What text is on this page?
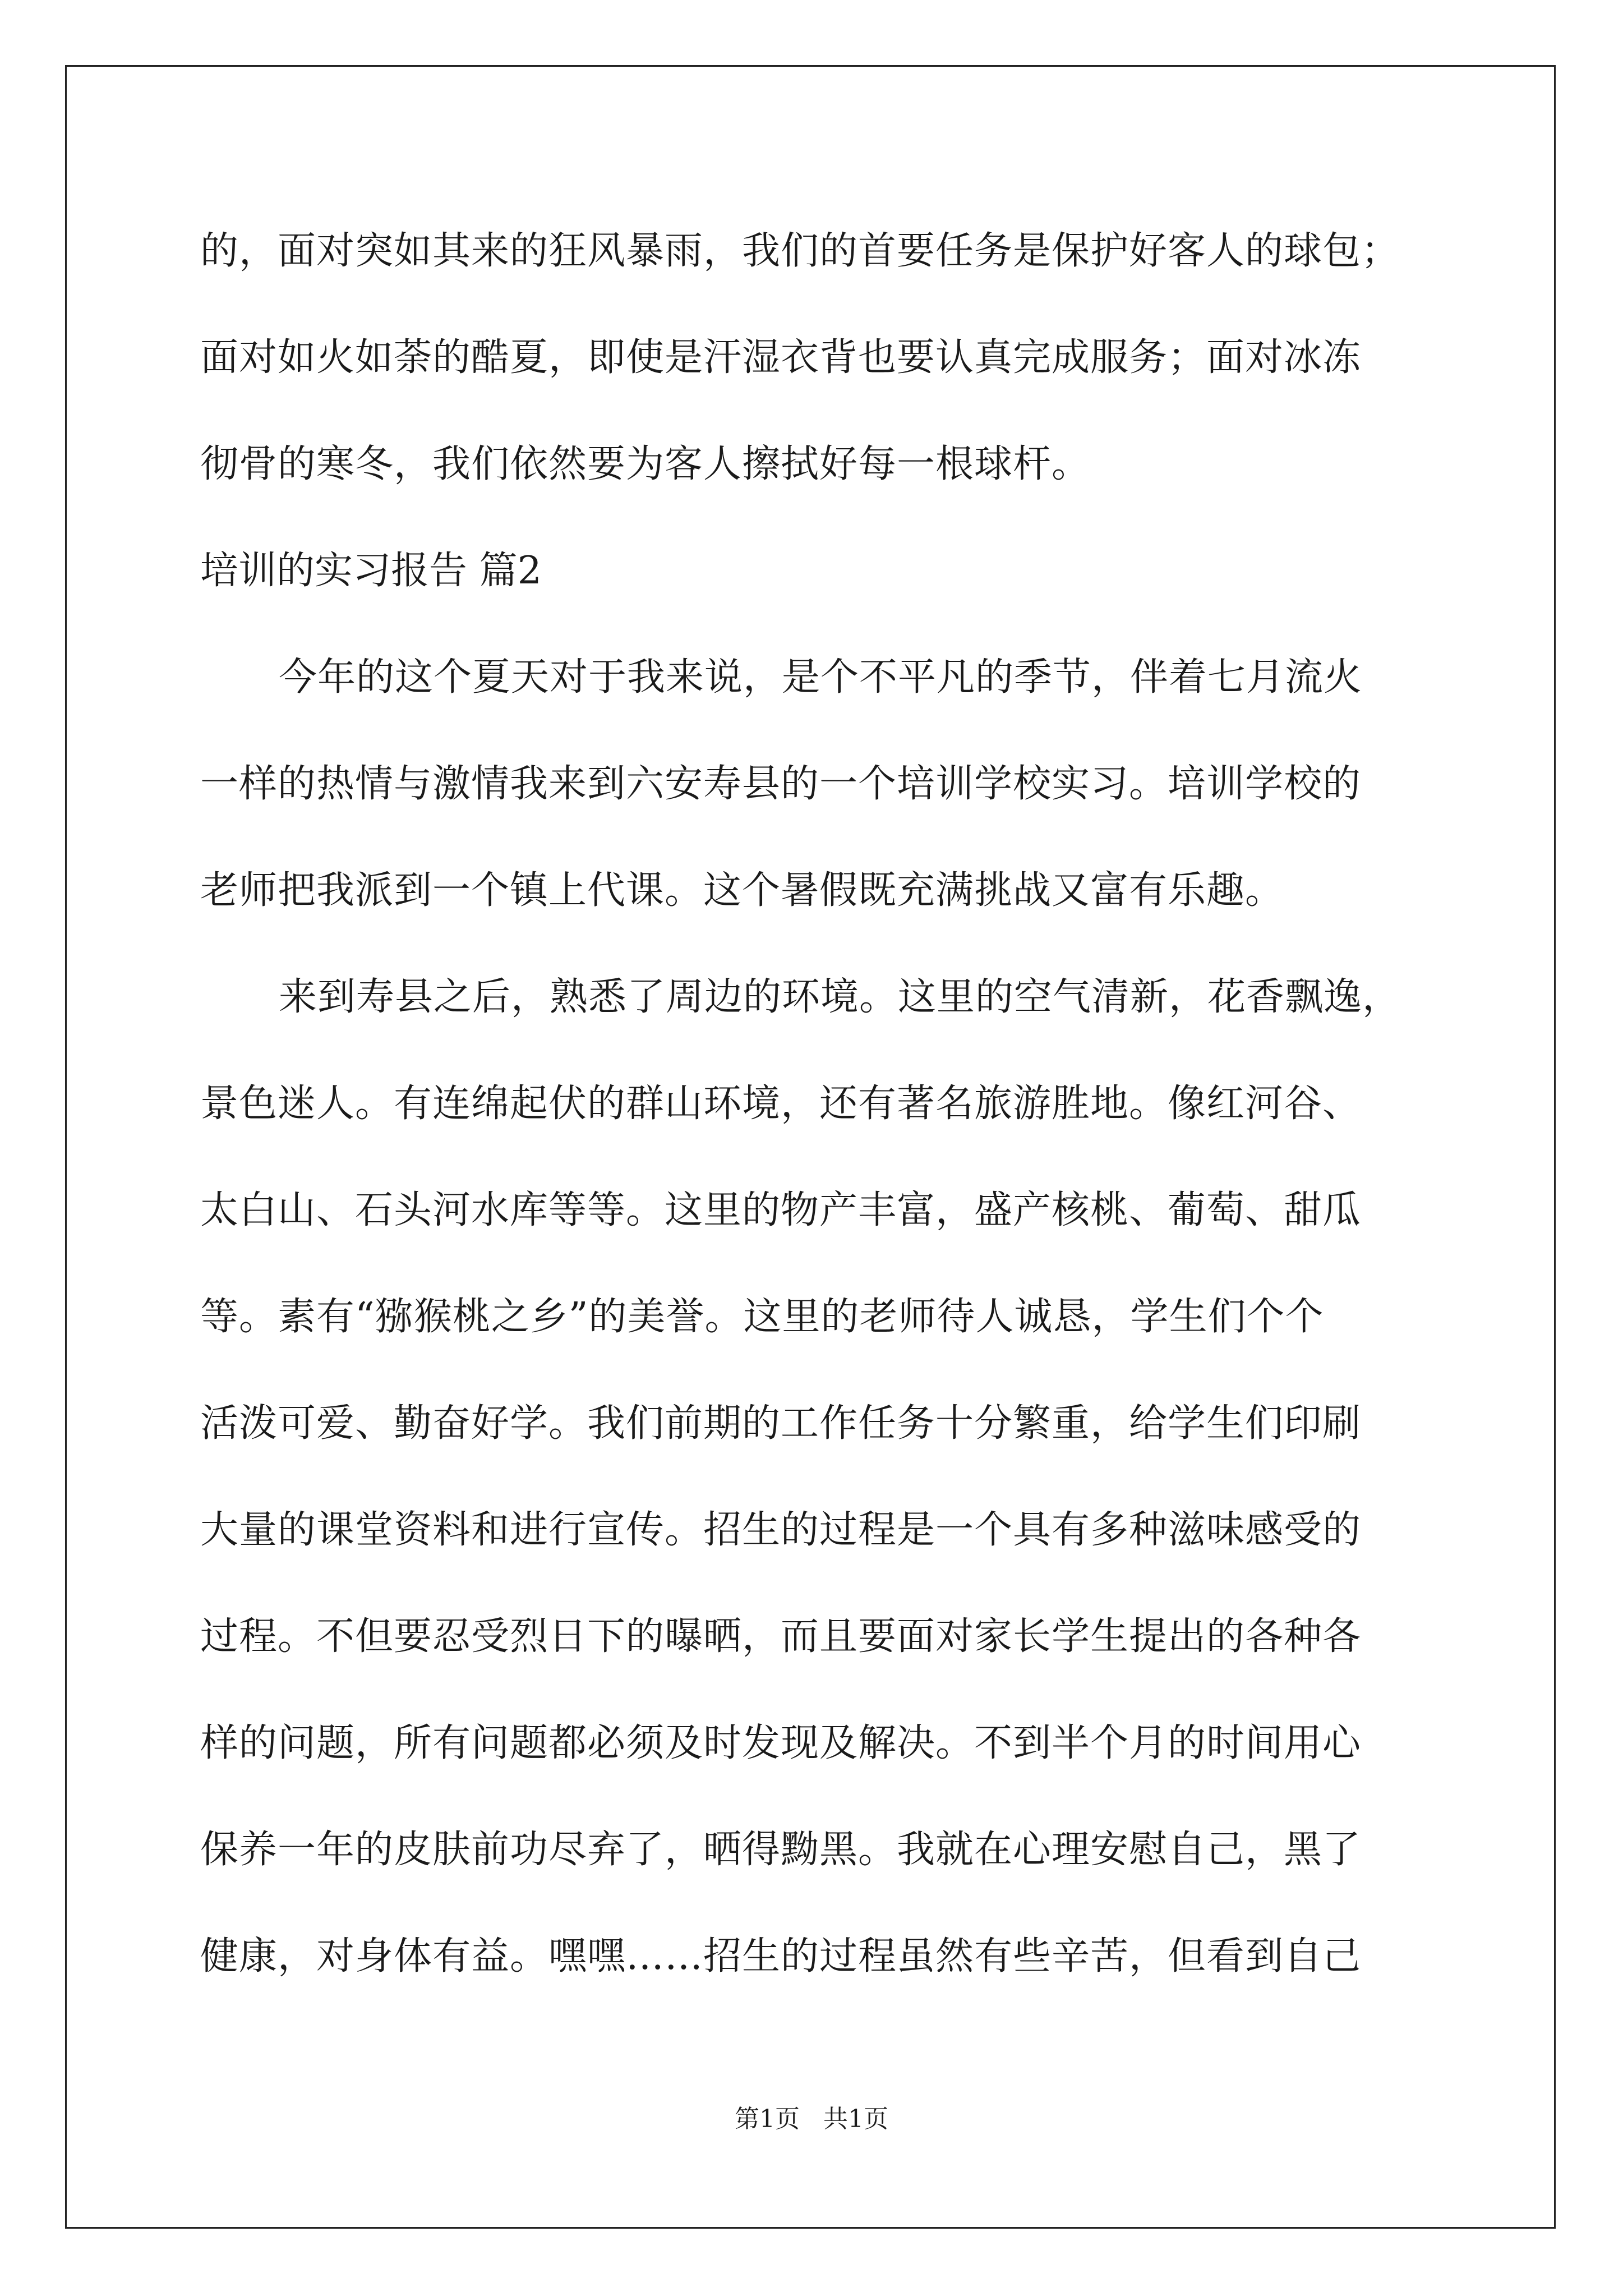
的，面对突如其来的狂风暴雨，我们的首要任务是保护好客人的球包；
面对如火如荼的酷夏，即使是汗湿衣背也要认真完成服务；面对冰冻
彻骨的寒冬，我们依然要为客人擦拭好每一根球杆。
培训的实习报告 篇2
今年的这个夏天对于我来说，是个不平凡的季节，伴着七月流火
一样的热情与激情我来到六安寿县的一个培训学校实习。培训学校的
老师把我派到一个镇上代课。这个暑假既充满挑战又富有乐趣。
来到寿县之后，熟悉了周边的环境。这里的空气清新，花香飘逸，
景色迷人。有连绵起伏的群山环境，还有著名旅游胜地。像红河谷、
太白山、石头河水库等等。这里的物产丰富，盛产核桃、葡萄、甜瓜
等。素有“猕猴桃之乡”的美誉。这里的老师待人诚恳，学生们个个
活泼可爱、勤奋好学。我们前期的工作任务十分繁重，给学生们印刷
大量的课堂资料和进行宣传。招生的过程是一个具有多种滋味感受的
过程。不但要忍受烈日下的曝晒，而且要面对家长学生提出的各种各
样的问题，所有问题都必须及时发现及解决。不到半个月的时间用心
保养一年的皮肤前功尽弃了，晒得黝黑。我就在心理安慰自己，黑了
健康，对身体有益。嘿嘿……招生的过程虽然有些辛苦，但看到自己
第1页 共1页
